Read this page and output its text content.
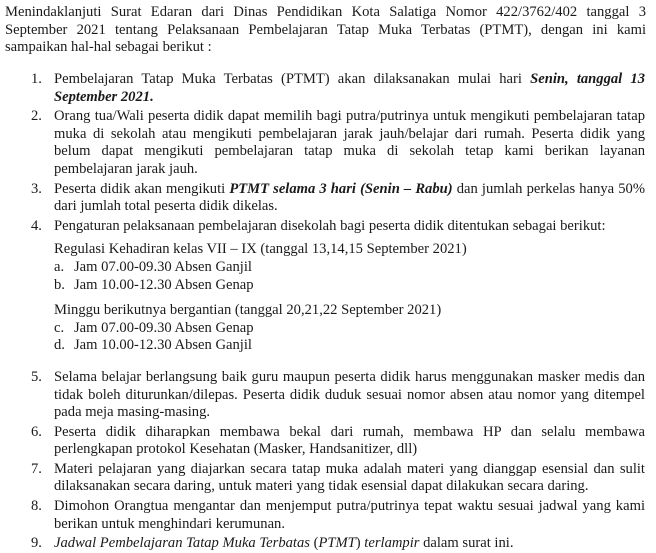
Menindaklanjuti Surat Edaran dari Dinas Pendidikan Kota Salatiga Nomor 422/3762/402 tanggal 3 September 2021 tentang Pelaksanaan Pembelajaran Tatap Muka Terbatas (PTMT), dengan ini kami sampaikan hal-hal sebagai berikut :
1. Pembelajaran Tatap Muka Terbatas (PTMT) akan dilaksanakan mulai hari Senin, tanggal 13 September 2021.
2. Orang tua/Wali peserta didik dapat memilih bagi putra/putrinya untuk mengikuti pembelajaran tatap muka di sekolah atau mengikuti pembelajaran jarak jauh/belajar dari rumah. Peserta didik yang belum dapat mengikuti pembelajaran tatap muka di sekolah tetap kami berikan layanan pembelajaran jarak jauh.
3. Peserta didik akan mengikuti PTMT selama 3 hari (Senin – Rabu) dan jumlah perkelas hanya 50% dari jumlah total peserta didik dikelas.
4. Pengaturan pelaksanaan pembelajaran disekolah bagi peserta didik ditentukan sebagai berikut:
Regulasi Kehadiran kelas VII – IX (tanggal 13,14,15 September 2021)
a. Jam 07.00-09.30 Absen Ganjil
b. Jam 10.00-12.30 Absen Genap
Minggu berikutnya bergantian (tanggal 20,21,22 September 2021)
c. Jam 07.00-09.30 Absen Genap
d. Jam 10.00-12.30 Absen Ganjil
5. Selama belajar berlangsung baik guru maupun peserta didik harus menggunakan masker medis dan tidak boleh diturunkan/dilepas. Peserta didik duduk sesuai nomor absen atau nomor yang ditempel pada meja masing-masing.
6. Peserta didik diharapkan membawa bekal dari rumah, membawa HP dan selalu membawa perlengkapan protokol Kesehatan (Masker, Handsanitizer, dll)
7. Materi pelajaran yang diajarkan secara tatap muka adalah materi yang dianggap esensial dan sulit dilaksanakan secara daring, untuk materi yang tidak esensial dapat dilakukan secara daring.
8. Dimohon Orangtua mengantar dan menjemput putra/putrinya tepat waktu sesuai jadwal yang kami berikan untuk menghindari kerumunan.
9. Jadwal Pembelajaran Tatap Muka Terbatas (PTMT) terlampir dalam surat ini.
